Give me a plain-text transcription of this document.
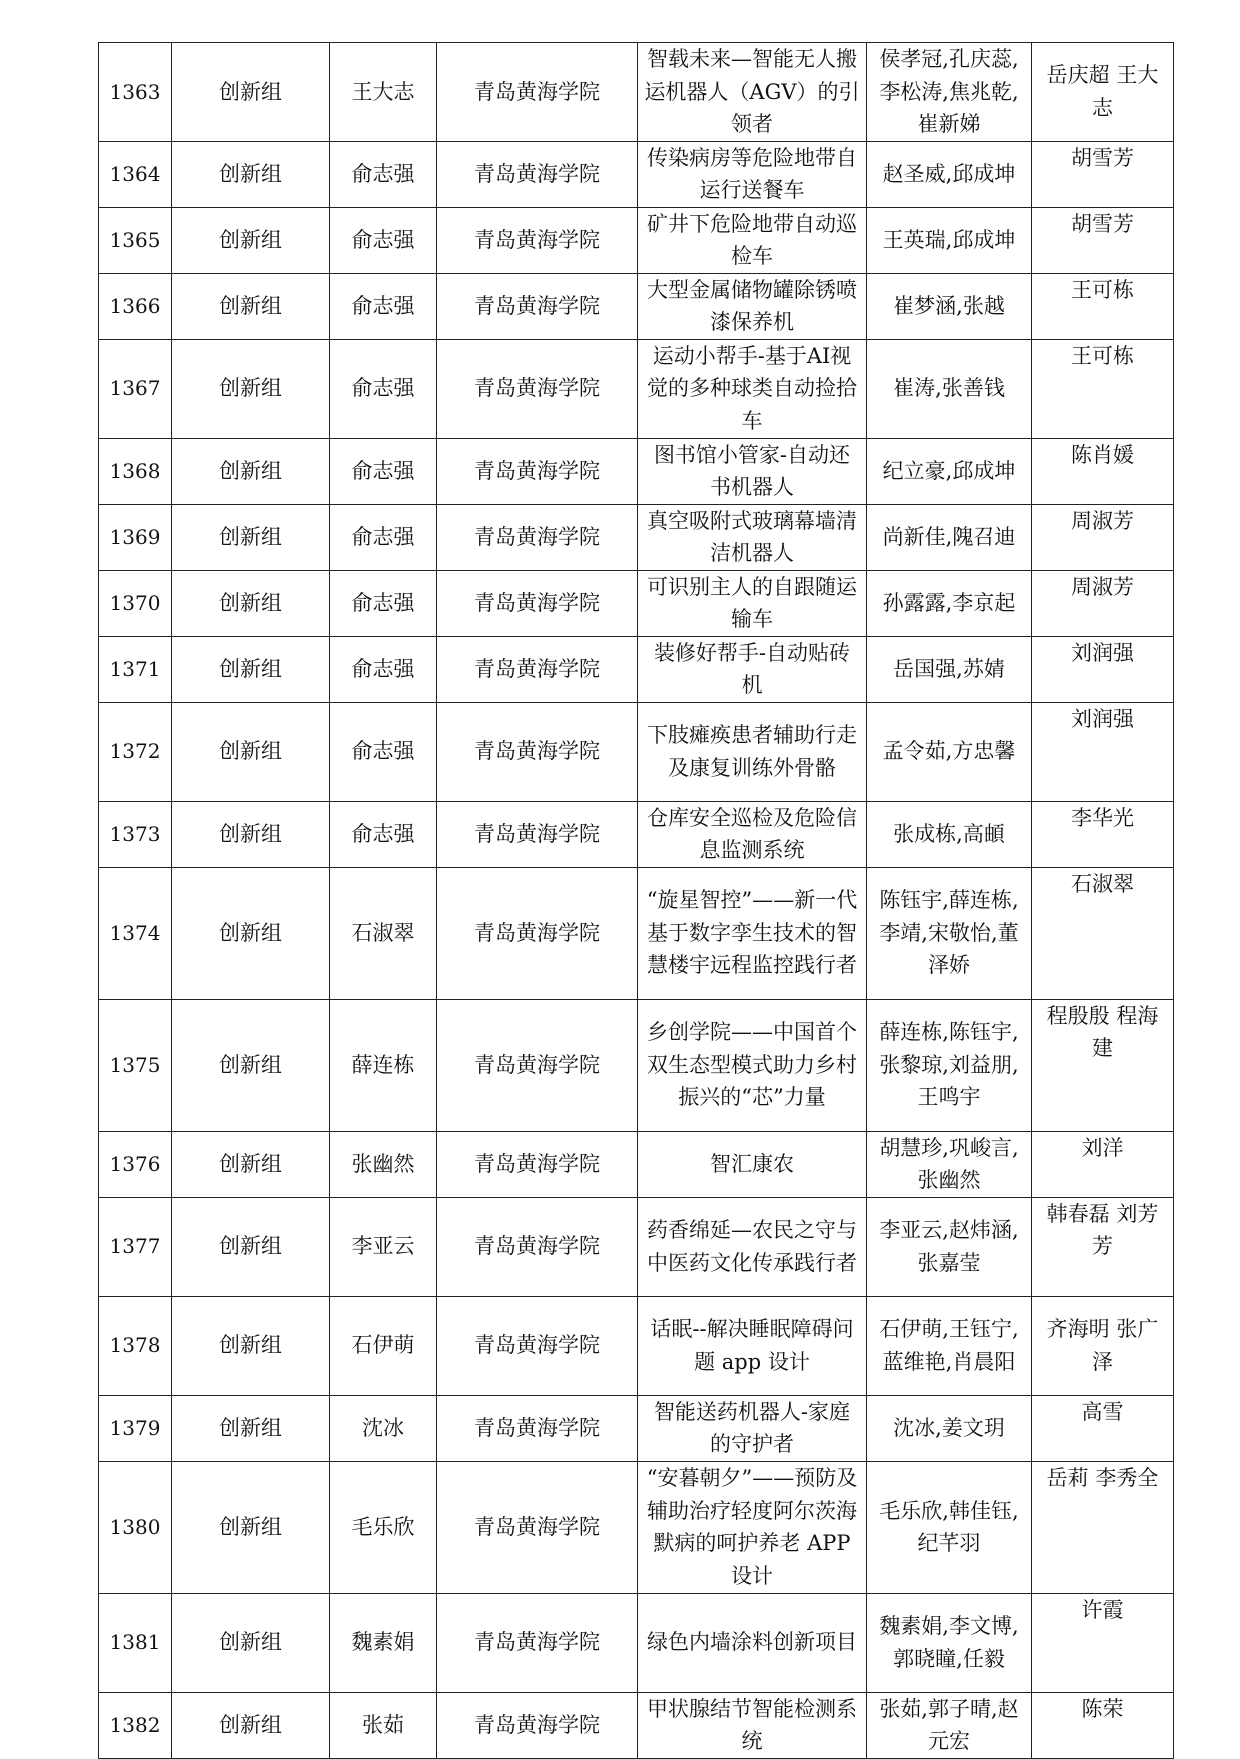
1363	创新组	王大志	青岛黄海学院	智载未来—智能无人搬运机器人（AGV）的引领者	侯孝冠,孔庆蕊,李松涛,焦兆乾,崔新娣	岳庆超 王大志
1364	创新组	俞志强	青岛黄海学院	传染病房等危险地带自运行送餐车	赵圣威,邱成坤	胡雪芳
1365	创新组	俞志强	青岛黄海学院	矿井下危险地带自动巡检车	王英瑞,邱成坤	胡雪芳
1366	创新组	俞志强	青岛黄海学院	大型金属储物罐除锈喷漆保养机	崔梦涵,张越	王可栋
1367	创新组	俞志强	青岛黄海学院	运动小帮手-基于AI视觉的多种球类自动捡拾车	崔涛,张善钱	王可栋
1368	创新组	俞志强	青岛黄海学院	图书馆小管家-自动还书机器人	纪立豪,邱成坤	陈肖媛
1369	创新组	俞志强	青岛黄海学院	真空吸附式玻璃幕墙清洁机器人	尚新佳,隗召迪	周淑芳
1370	创新组	俞志强	青岛黄海学院	可识别主人的自跟随运输车	孙露露,李京起	周淑芳
1371	创新组	俞志强	青岛黄海学院	装修好帮手-自动贴砖机	岳国强,苏婧	刘润强
1372	创新组	俞志强	青岛黄海学院	下肢瘫痪患者辅助行走及康复训练外骨骼	孟令茹,方忠馨	刘润强
1373	创新组	俞志强	青岛黄海学院	仓库安全巡检及危险信息监测系统	张成栋,高頔	李华光
1374	创新组	石淑翠	青岛黄海学院	“旋星智控”——新一代基于数字孪生技术的智慧楼宇远程监控践行者	陈钰宇,薛连栋,李靖,宋敬怡,董泽娇	石淑翠
1375	创新组	薛连栋	青岛黄海学院	乡创学院——中国首个双生态型模式助力乡村振兴的“芯”力量	薛连栋,陈钰宇,张黎琼,刘益朋,王鸣宇	程殷殷 程海建
1376	创新组	张幽然	青岛黄海学院	智汇康农	胡慧珍,巩峻言,张幽然	刘洋
1377	创新组	李亚云	青岛黄海学院	药香绵延—农民之守与中医药文化传承践行者	李亚云,赵炜涵,张嘉莹	韩春磊 刘芳芳
1378	创新组	石伊萌	青岛黄海学院	话眠--解决睡眠障碍问题 app 设计	石伊萌,王钰宁,蓝维艳,肖晨阳	齐海明 张广泽
1379	创新组	沈冰	青岛黄海学院	智能送药机器人-家庭的守护者	沈冰,姜文玥	高雪
1380	创新组	毛乐欣	青岛黄海学院	“安暮朝夕”——预防及辅助治疗轻度阿尔茨海默病的呵护养老 APP 设计	毛乐欣,韩佳钰,纪芊羽	岳莉 李秀全
1381	创新组	魏素娟	青岛黄海学院	绿色内墙涂料创新项目	魏素娟,李文博,郭晓瞳,任毅	许霞
1382	创新组	张茹	青岛黄海学院	甲状腺结节智能检测系统	张茹,郭子晴,赵元宏	陈荣
